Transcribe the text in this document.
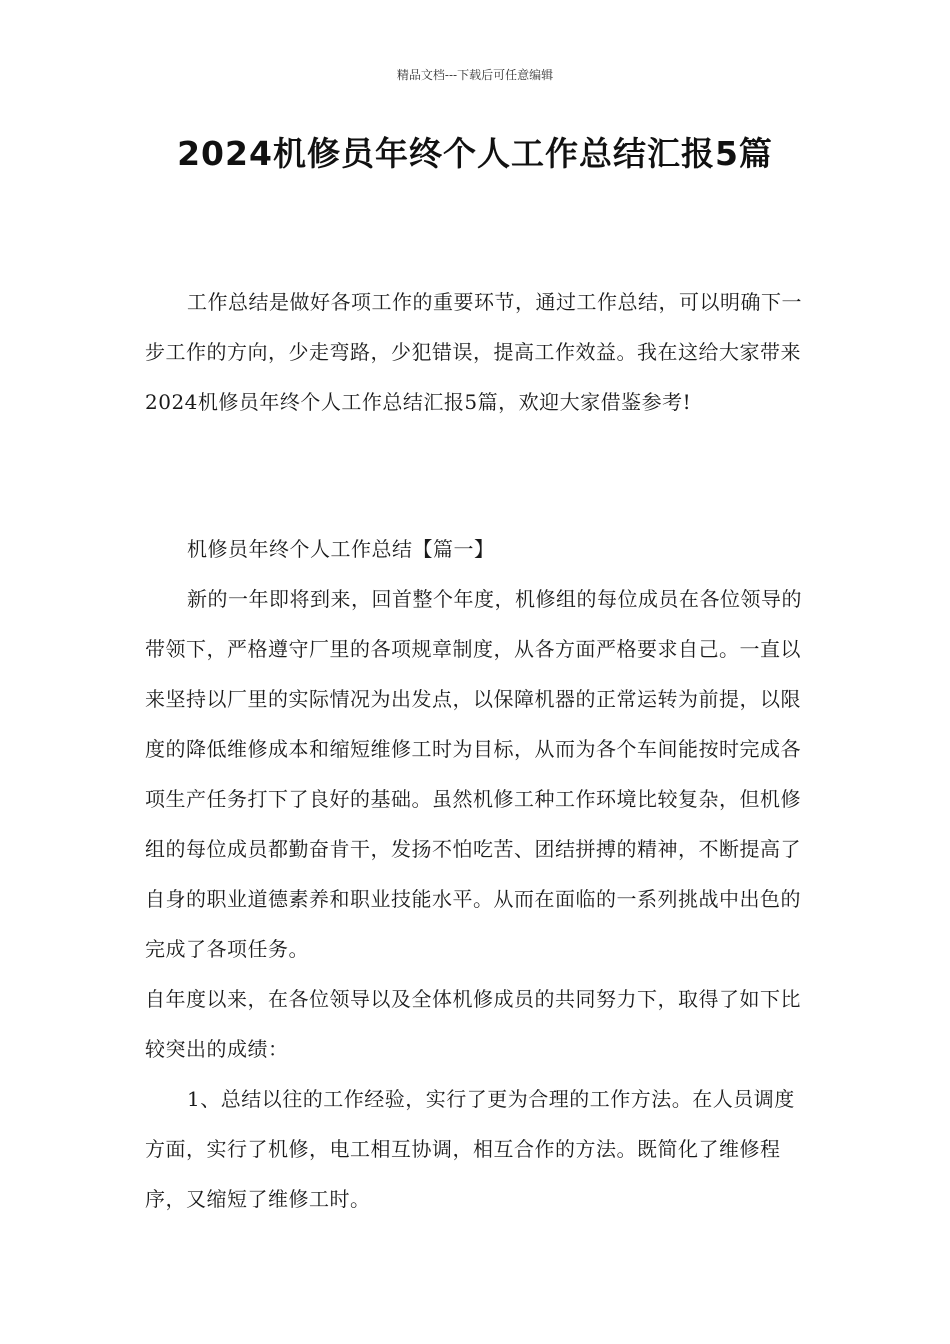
精品文档---下载后可任意编辑
2024机修员年终个人工作总结汇报5篇

工作总结是做好各项工作的重要环节，通过工作总结，可以明确下一步工作的方向，少走弯路，少犯错误，提高工作效益。我在这给大家带来2024机修员年终个人工作总结汇报5篇，欢迎大家借鉴参考!

机修员年终个人工作总结【篇一】

新的一年即将到来，回首整个年度，机修组的每位成员在各位领导的带领下，严格遵守厂里的各项规章制度，从各方面严格要求自己。一直以来坚持以厂里的实际情况为出发点，以保障机器的正常运转为前提，以限度的降低维修成本和缩短维修工时为目标，从而为各个车间能按时完成各项生产任务打下了良好的基础。虽然机修工种工作环境比较复杂，但机修组的每位成员都勤奋肯干，发扬不怕吃苦、团结拼搏的精神，不断提高了自身的职业道德素养和职业技能水平。从而在面临的一系列挑战中出色的完成了各项任务。

自年度以来，在各位领导以及全体机修成员的共同努力下，取得了如下比较突出的成绩：

1、总结以往的工作经验，实行了更为合理的工作方法。在人员调度方面，实行了机修，电工相互协调，相互合作的方法。既简化了维修程序，又缩短了维修工时。
